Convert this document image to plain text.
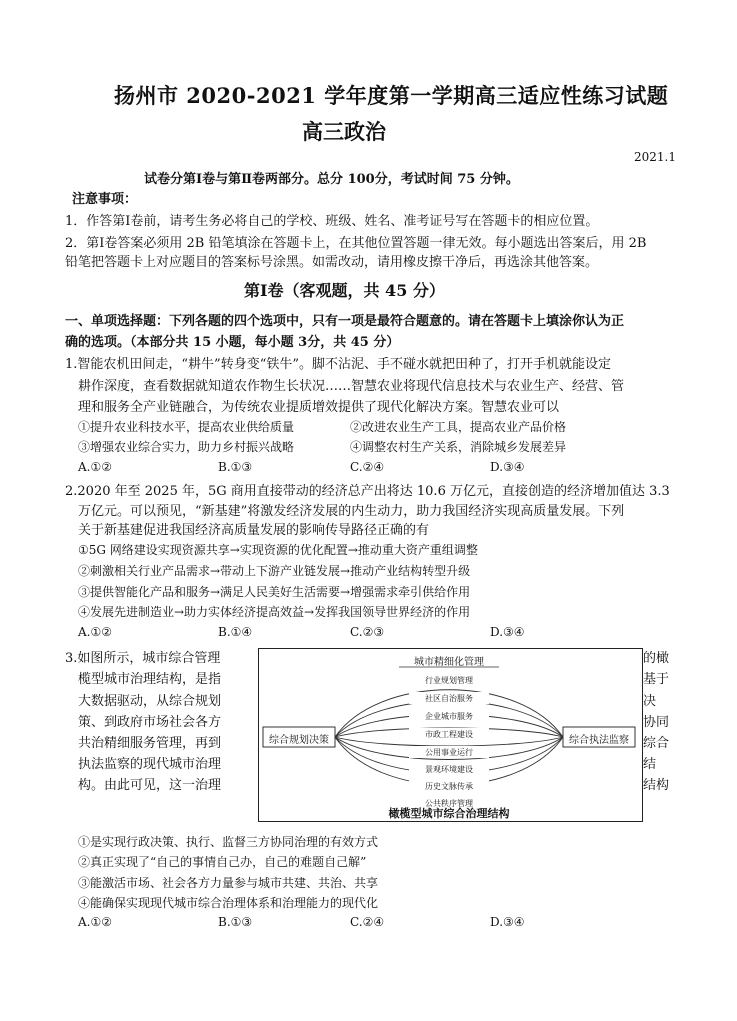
扬州市 2020-2021 学年度第一学期高三适应性练习试题
高三政治
2021.1
试卷分第Ⅰ卷与第Ⅱ卷两部分。总分 100分，考试时间 75 分钟。
注意事项：
1．作答第Ⅰ卷前，请考生务必将自己的学校、班级、姓名、准考证号写在答题卡的相应位置。
2．第Ⅰ卷答案必须用 2B 铅笔填涂在答题卡上，在其他位置答题一律无效。每小题选出答案后，用 2B
铅笔把答题卡上对应题目的答案标号涂黑。如需改动，请用橡皮擦干净后，再选涂其他答案。
第Ⅰ卷（客观题，共 45 分）
一、单项选择题：下列各题的四个选项中，只有一项是最符合题意的。请在答题卡上填涂你认为正
确的选项。（本部分共 15 小题，每小题 3分，共 45 分）
1.智能农机田间走，“耕牛”转身变“铁牛”。脚不沾泥、手不碰水就把田种了，打开手机就能设定
耕作深度，查看数据就知道农作物生长状况……智慧农业将现代信息技术与农业生产、经营、管
理和服务全产业链融合，为传统农业提质增效提供了现代化解决方案。智慧农业可以
①提升农业科技水平，提高农业供给质量	②改进农业生产工具，提高农业产品价格
③增强农业综合实力，助力乡村振兴战略	④调整农村生产关系，消除城乡发展差异
A.①②	B.①③	C.②④	D.③④
2.2020 年至 2025 年，5G 商用直接带动的经济总产出将达 10.6 万亿元，直接创造的经济增加值达 3.3
万亿元。可以预见，“新基建”将激发经济发展的内生动力，助力我国经济实现高质量发展。下列
关于新基建促进我国经济高质量发展的影响传导路径正确的有
①5G 网络建设实现资源共享→实现资源的优化配置→推动重大资产重组调整
②刺激相关行业产品需求→带动上下游产业链发展→推动产业结构转型升级
③提供智能化产品和服务→满足人民美好生活需要→增强需求牵引供给作用
④发展先进制造业→助力实体经济提高效益→发挥我国领导世界经济的作用
A.①②	B.①④	C.②③	D.③④
3.如图所示，城市综合管理
榄型城市治理结构，是指
大数据驱动，从综合规划
策、到政府市场社会各方
共治精细服务管理，再到
执法监察的现代城市治理
构。由此可见，这一治理
的橄
基于
决
协同
综合
结
结构
城市精细化管理
综合规划决策	综合执法监察
行业规划管理
社区自治服务
企业城市服务
市政工程建设
公用事业运行
景观环境建设
历史文脉传承
公共秩序管理
橄榄型城市综合治理结构
①是实现行政决策、执行、监督三方协同治理的有效方式
②真正实现了“自己的事情自己办，自己的难题自己解”
③能激活市场、社会各方力量参与城市共建、共治、共享
④能确保实现现代城市综合治理体系和治理能力的现代化
A.①②	B.①③	C.②④	D.③④
